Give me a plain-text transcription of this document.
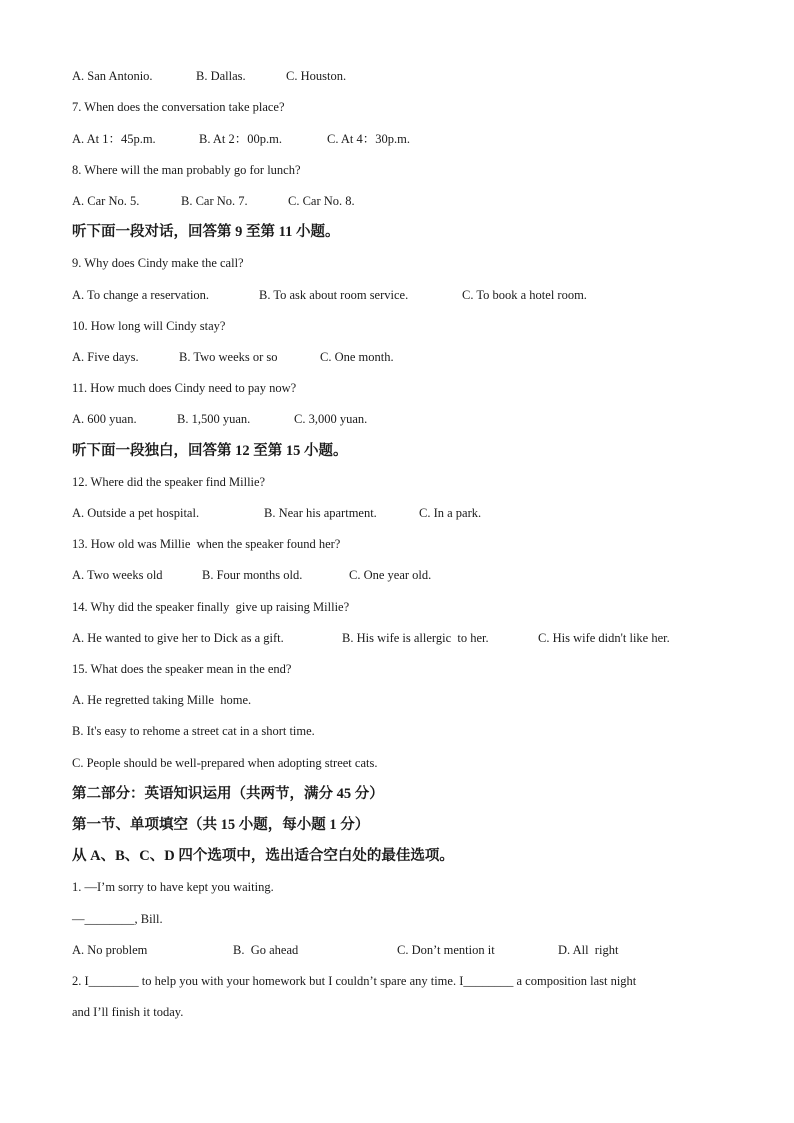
A. San Antonio.

	B. Dallas.

	C. Houston.

7. When does the conversation take place?

A. At 1：45p.m.

	B. At 2：00p.m.

	C. At 4：30p.m.

8. Where will the man probably go for lunch?

A. Car No. 5.

	B. Car No. 7.

	C. Car No. 8.

听下面一段对话，回答第 9 至第 11 小题。
9. Why does Cindy make the call?

A. To change a reservation.

	B. To ask about room service.

	C. To book a hotel room.

10. How long will Cindy stay?

A. Five days.

	B. Two weeks or so

	C. One month.

11. How much does Cindy need to pay now?

A. 600 yuan.

	B. 1,500 yuan.

	C. 3,000 yuan.

听下面一段独白，回答第 12 至第 15 小题。
12. Where did the speaker find Millie?

A. Outside a pet hospital.

	B. Near his apartment.

	C. In a park.

13. How old was Millie  when the speaker found her?

A. Two weeks old

	B. Four months old.

	C. One year old.

14. Why did the speaker finally  give up raising Millie?

A. He wanted to give her to Dick as a gift.

	B. His wife is allergic  to her.

	C. His wife didn't like her.

15. What does the speaker mean in the end?
A. He regretted taking Mille  home.
B. It's easy to rehome a street cat in a short time.
C. People should be well-prepared when adopting street cats.
第二部分：英语知识运用（共两节，满分 45 分）
第一节、单项填空（共 15 小题，每小题 1 分）
从 A、B、C、D 四个选项中，选出适合空白处的最佳选项。
1. —I’m sorry to have kept you waiting.
—________, Bill.

A. No problem

	B.  Go ahead

	C. Don’t mention it

	D. All  right

2. I________ to help you with your homework but I couldn’t spare any time. I________ a composition last night
and I’ll finish it today.
